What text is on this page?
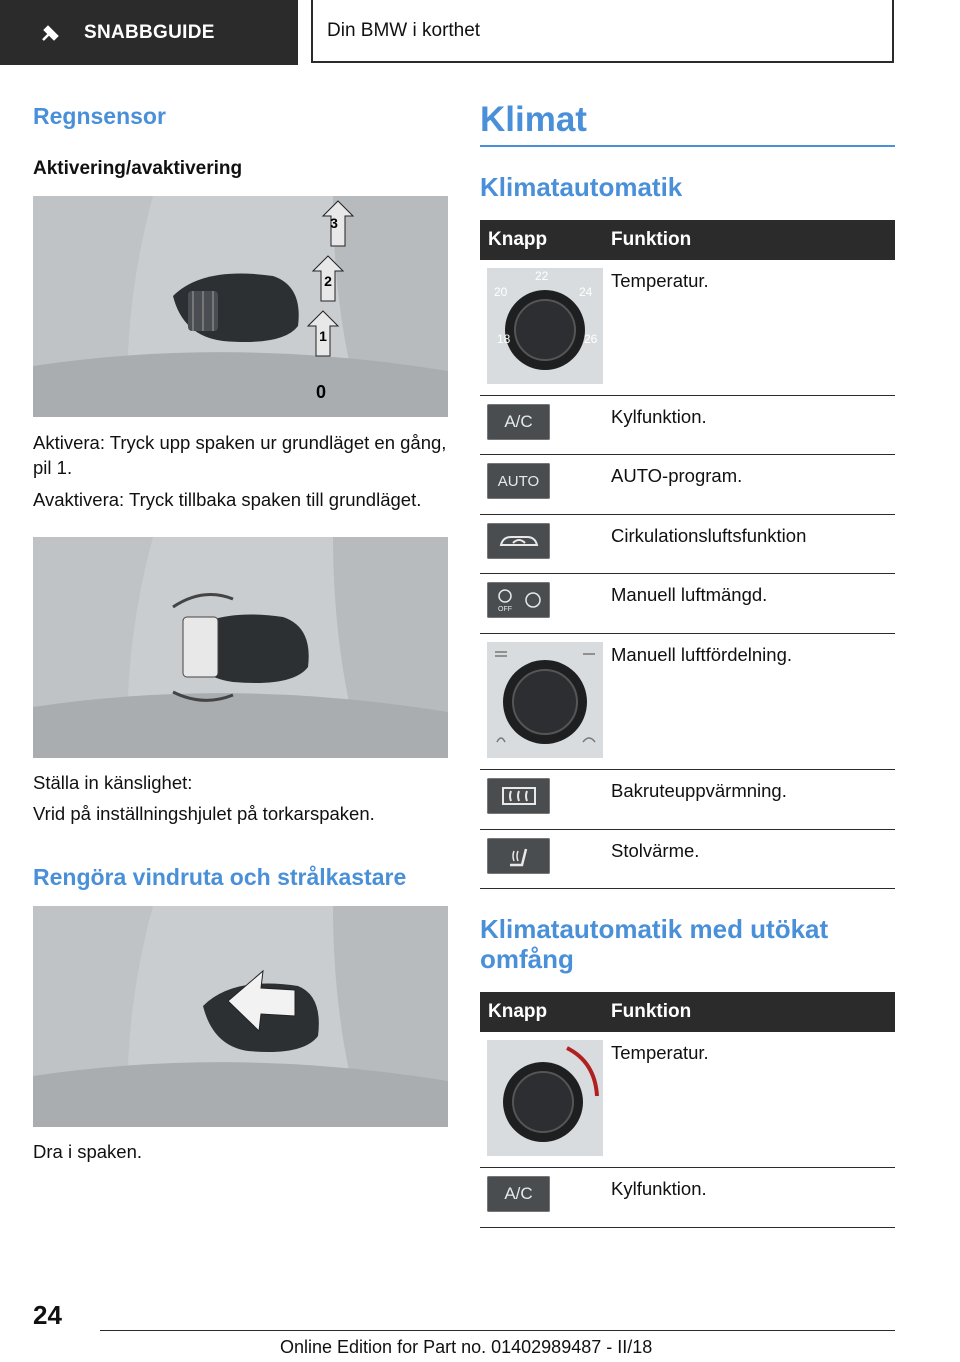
SNABBGUIDE	Din BMW i korthet
Regnsensor
Aktivering/avaktivering
3
2
1
0
Aktivera: Tryck upp spaken ur grundläget en gång, pil 1.
Avaktivera: Tryck tillbaka spaken till grundläget.
Ställa in känslighet:
Vrid på inställningshjulet på torkarspaken.
Rengöra vindruta och strålkastare
Dra i spaken.
Klimat
Klimatautomatik
Knapp	Funktion
18
20
22
24
26
Temperatur.
A/C	Kylfunktion.
AUTO	AUTO-program.
Cirkulationsluftsfunktion
OFF
Manuell luftmängd.
Manuell luftfördelning.
Bakruteuppvärmning.
Stolvärme.
Klimatautomatik med utökat omfång
Knapp	Funktion
Temperatur.
A/C	Kylfunktion.
24
Online Edition for Part no. 01402989487 - II/18
